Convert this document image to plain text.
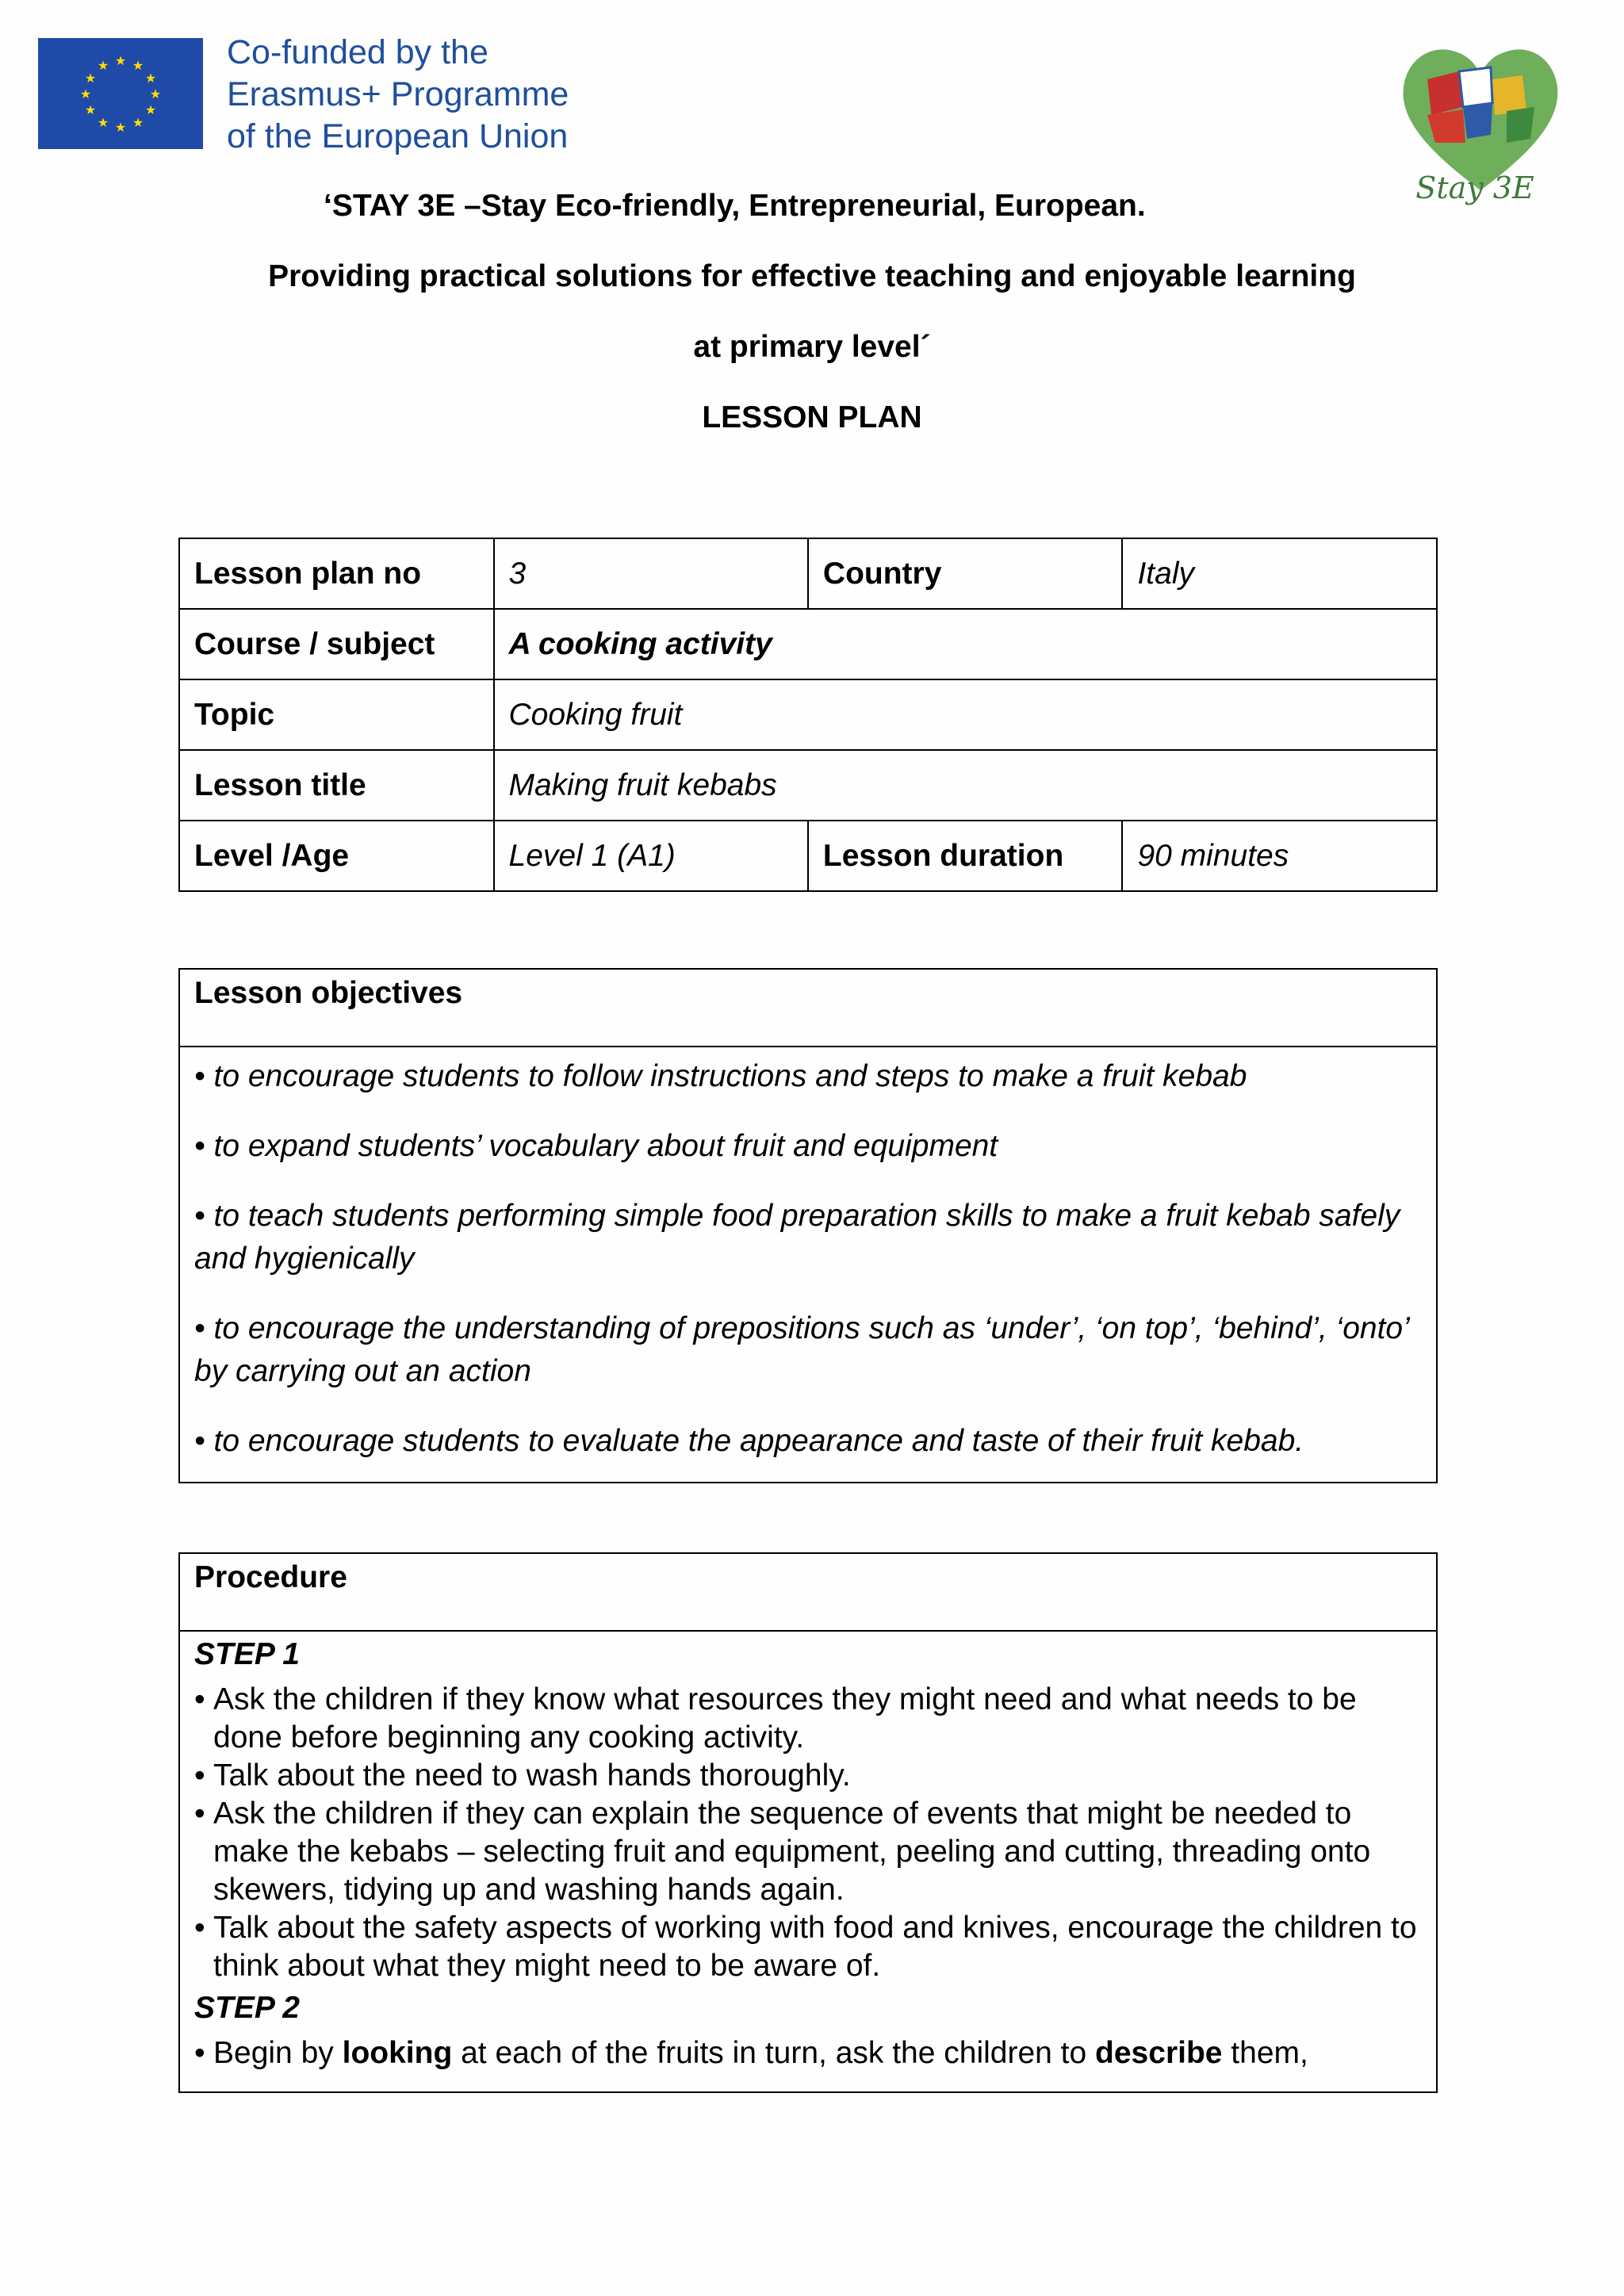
★ ★
★
★
★
★
★
★
★
★
★
★	Co-funded by the
Erasmus+ Programme
of the European Union
Stay 3E
‘STAY 3E –Stay Eco-friendly, Entrepreneurial, European.
Providing practical solutions for effective teaching and enjoyable learning
at primary level´
LESSON PLAN
Lesson plan no	3	Country	Italy
Course / subject	A cooking activity		
Topic	Cooking fruit		
Lesson title	Making fruit kebabs		
Level /Age	Level 1 (A1)	Lesson duration	90 minutes
Lesson objectives

• to encourage students to follow instructions and steps to make a fruit kebab

• to expand students’ vocabulary about fruit and equipment

• to teach students performing simple food preparation skills to make a fruit kebab safely and hygienically

• to encourage the understanding of prepositions such as ‘under’, ‘on top’, ‘behind’, ‘onto’ by carrying out an action

• to encourage students to evaluate the appearance and taste of their fruit kebab.

Procedure

STEP 1
• Ask the children if they know what resources they might need and what needs to be done before beginning any cooking activity.
• Talk about the need to wash hands thoroughly.
• Ask the children if they can explain the sequence of events that might be needed to make the kebabs – selecting fruit and equipment, peeling and cutting, threading onto skewers, tidying up and washing hands again.
• Talk about the safety aspects of working with food and knives, encourage the children to think about what they might need to be aware of.
STEP 2
• Begin by looking at each of the fruits in turn, ask the children to describe them,
